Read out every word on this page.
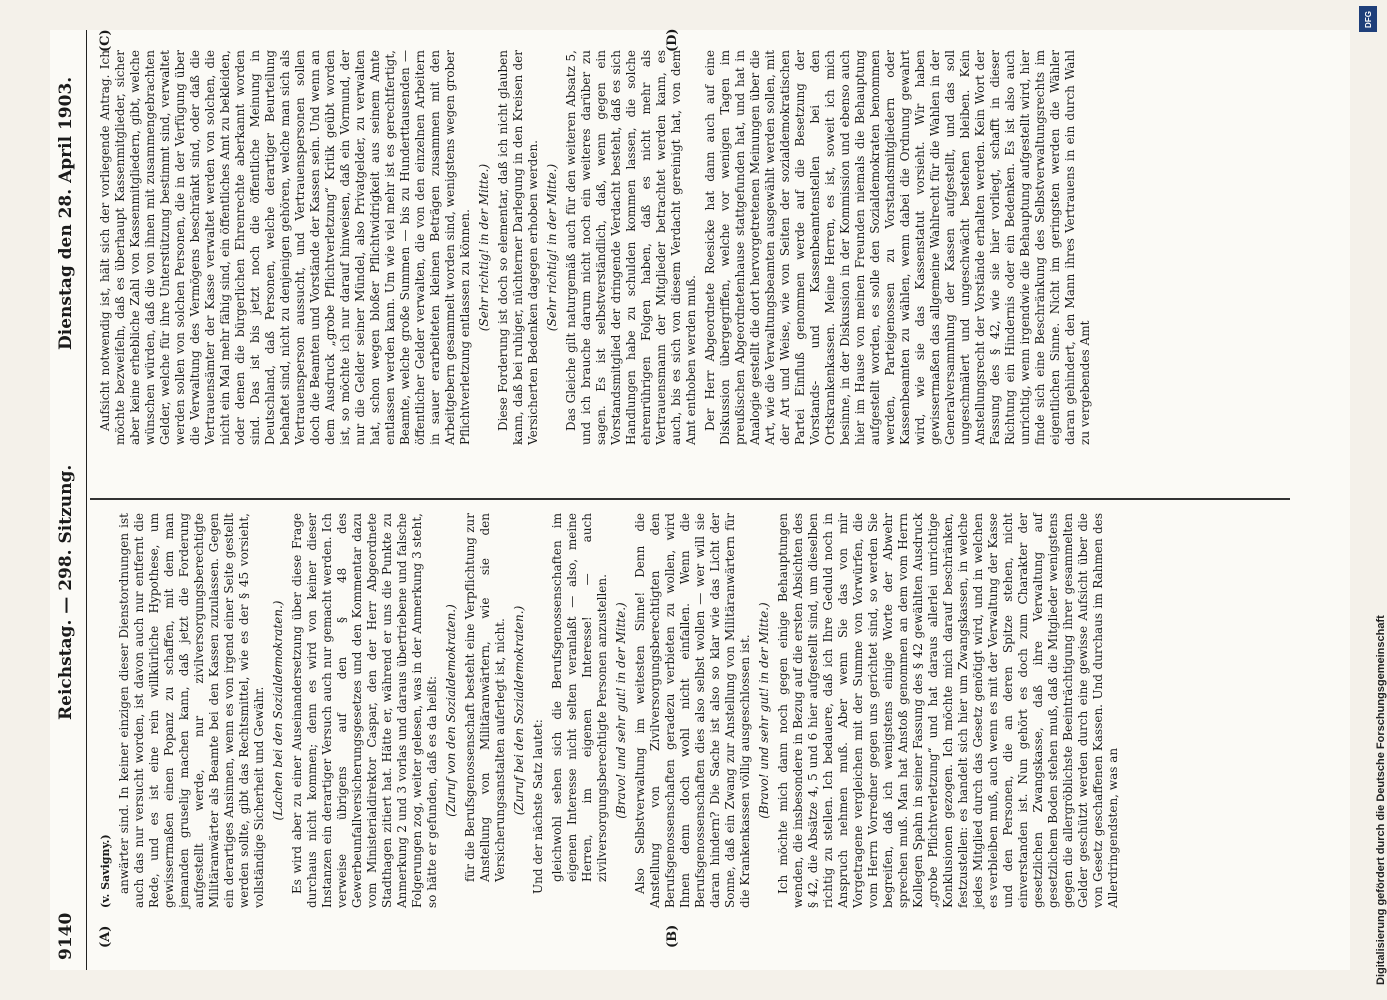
9140
Reichstag. — 298. Sitzung.
Dienstag den 28. April 1903.
(A)	(B)
(C)	(D)

(v. Savigny.) anwärter sind. In keiner einzigen dieser Dienstordnungen ist auch das nur versucht worden, ist davon auch nur entfernt die Rede, und es ist eine rein willkürliche Hypothese, um gewissermaßen einen Popanz zu schaffen, mit dem man jemanden gruselig machen kann, daß jetzt die Forderung aufgestellt werde, nur zivilversorgungsberechtigte Militäranwärter als Beamte bei den Kassen zuzulassen. Gegen ein derartiges Ansinnen, wenn es von irgend einer Seite gestellt werden sollte, gibt das Rechtsmittel, wie es der § 45 vorsieht, vollständige Sicherheit und Gewähr. (Lachen bei den Sozialdemokraten.) Es wird aber zu einer Auseinandersetzung über diese Frage durchaus nicht kommen; denn es wird von keiner dieser Instanzen ein derartiger Versuch auch nur gemacht werden. Ich verweise übrigens auf den § 48 des Gewerbeunfallversicherungsgesetzes und den Kommentar dazu vom Ministerialdirektor Caspar, den der Herr Abgeordnete Stadthagen zitiert hat. Hätte er, während er uns die Punkte zu Anmerkung 2 und 3 vorlas und daraus übertriebene und falsche Folgerungen zog, weiter gelesen, was in der Anmerkung 3 steht, so hätte er gefunden, daß es da heißt: (Zuruf von den Sozialdemokraten.) für die Berufsgenossenschaft besteht eine Verpflichtung zur Anstellung von Militäranwärtern, wie sie den Versicherungsanstalten auferlegt ist, nicht. (Zuruf bei den Sozialdemokraten.) Und der nächste Satz lautet: gleichwohl sehen sich die Berufsgenossenschaften im eigenen Interesse nicht selten veranlaßt — also, meine Herren, im eigenen Interesse! — auch zivilversorgungsberechtigte Personen anzustellen. (Bravo! und sehr gut! in der Mitte.) Also Selbstverwaltung im weitesten Sinne! Denn die Anstellung von Zivilversorgungsberechtigten den Berufsgenossenschaften geradezu verbieten zu wollen, wird Ihnen denn doch wohl nicht einfallen. Wenn die Berufsgenossenschaften dies also selbst wollen — wer will sie daran hindern? Die Sache ist also so klar wie das Licht der Sonne, daß ein Zwang zur Anstellung von Militäranwärtern für die Krankenkassen völlig ausgeschlossen ist. (Bravo! und sehr gut! in der Mitte.) Ich möchte mich dann noch gegen einige Behauptungen wenden, die insbesondere in Bezug auf die ersten Absichten des § 42, die Absätze 4, 5 und 6 hier aufgestellt sind, um dieselben richtig zu stellen. Ich bedauere, daß ich Ihre Geduld noch in Anspruch nehmen muß. Aber wenn Sie das von mir Vorgetragene vergleichen mit der Summe von Vorwürfen, die vom Herrn Vorredner gegen uns gerichtet sind, so werden Sie begreifen, daß ich wenigstens einige Worte der Abwehr sprechen muß. Man hat Anstoß genommen an dem vom Herrn Kollegen Spahn in seiner Fassung des § 42 gewählten Ausdruck „grobe Pflichtverletzung“ und hat daraus allerlei unrichtige Konklusionen gezogen. Ich möchte mich darauf beschränken, festzustellen: es handelt sich hier um Zwangskassen, in welche jedes Mitglied durch das Gesetz genötigt wird, und in welchen es verbleiben muß, auch wenn es mit der Verwaltung der Kasse und den Personen, die an deren Spitze stehen, nicht einverstanden ist. Nun gehört es doch zum Charakter der gesetzlichen Zwangskasse, daß ihre Verwaltung auf gesetzlichem Boden stehen muß, daß die Mitglieder wenigstens gegen die allergröblichste Beeinträchtigung ihrer gesammelten Gelder geschützt werden durch eine gewisse Aufsicht über die von Gesetz geschaffenen Kassen. Und durchaus im Rahmen des Allerdringendsten, was an

Aufsicht notwendig ist, hält sich der vorliegende Antrag. Ich möchte bezweifeln, daß es überhaupt Kassenmitglieder, sicher aber keine erhebliche Zahl von Kassenmitgliedern, gibt, welche wünschen würden, daß die von ihnen mit zusammengebrachten Gelder, welche für ihre Unterstützung bestimmt sind, verwaltet werden sollen von solchen Personen, die in der Verfügung über die Verwaltung des Vermögens beschränkt sind, oder daß die Vertrauensämter der Kasse verwaltet werden von solchen, die nicht ein Mal mehr fähig sind, ein öffentliches Amt zu bekleiden, oder denen die bürgerlichen Ehrenrechte aberkannt worden sind. Das ist bis jetzt noch die öffentliche Meinung in Deutschland, daß Personen, welche derartiger Beurteilung behaftet sind, nicht zu denjenigen gehören, welche man sich als Vertrauensperson aussucht, und Vertrauenspersonen sollen doch die Beamten und Vorstände der Kassen sein. Und wenn an dem Ausdruck „grobe Pflichtverletzung“ Kritik geübt worden ist, so möchte ich nur darauf hinweisen, daß ein Vormund, der nur die Gelder seiner Mündel, also Privatgelder, zu verwalten hat, schon wegen bloßer Pflichtwidrigkeit aus seinem Amte entlassen werden kann. Um wie viel mehr ist es gerechtfertigt, Beamte, welche große Summen — bis zu Hunderttausenden — öffentlicher Gelder verwalten, die von den einzelnen Arbeitern in sauer erarbeiteten kleinen Beträgen zusammen mit den Arbeitgebern gesammelt worden sind, wenigstens wegen grober Pflichtverletzung entlassen zu können. (Sehr richtig! in der Mitte.) Diese Forderung ist doch so elementar, daß ich nicht glauben kann, daß bei ruhiger, nüchterner Darlegung in den Kreisen der Versicherten Bedenken dagegen erhoben werden. (Sehr richtig! in der Mitte.) Das Gleiche gilt naturgemäß auch für den weiteren Absatz 5, und ich brauche darum nicht noch ein weiteres darüber zu sagen. Es ist selbstverständlich, daß, wenn gegen ein Vorstandsmitglied der dringende Verdacht besteht, daß es sich Handlungen habe zu schulden kommen lassen, die solche ehrenrührigen Folgen haben, daß es nicht mehr als Vertrauensmann der Mitglieder betrachtet werden kann, es auch, bis es sich von diesem Verdacht gereinigt hat, von dem Amt enthoben werden muß. Der Herr Abgeordnete Roesicke hat dann auch auf eine Diskussion übergegriffen, welche vor wenigen Tagen im preußischen Abgeordnetenhause stattgefunden hat, und hat in Analogie gestellt die dort hervorgetretenen Meinungen über die Art, wie die Verwaltungsbeamten ausgewählt werden sollen, mit der Art und Weise, wie von Seiten der sozialdemokratischen Partei Einfluß genommen werde auf die Besetzung der Vorstands- und Kassenbeamtenstellen bei den Ortskrankenkassen. Meine Herren, es ist, soweit ich mich besinne, in der Diskussion in der Kommission und ebenso auch hier im Hause von meinen Freunden niemals die Behauptung aufgestellt worden, es solle den Sozialdemokraten benommen werden, Parteigenossen zu Vorstandsmitgliedern oder Kassenbeamten zu wählen, wenn dabei die Ordnung gewahrt wird, wie sie das Kassenstatut vorsieht. Wir haben gewissermaßen das allgemeine Wahlrecht für die Wahlen in der Generalversammlung der Kassen aufgestellt, und das soll ungeschmälert und ungeschwächt bestehen bleiben. Kein Anstellungsrecht der Vorstände erhalten werden. Kein Wort der Fassung des § 42, wie sie hier vorliegt, schafft in dieser Richtung ein Hindernis oder ein Bedenken. Es ist also auch unrichtig, wenn irgendwie die Behauptung aufgestellt wird, hier finde sich eine Beschränkung des Selbstverwaltungsrechts im eigentlichen Sinne. Nicht im geringsten werden die Wähler daran gehindert, den Mann ihres Vertrauens in ein durch Wahl zu vergebendes Amt

DFG
Digitalisierung gefördert durch die Deutsche Forschungsgemeinschaft
